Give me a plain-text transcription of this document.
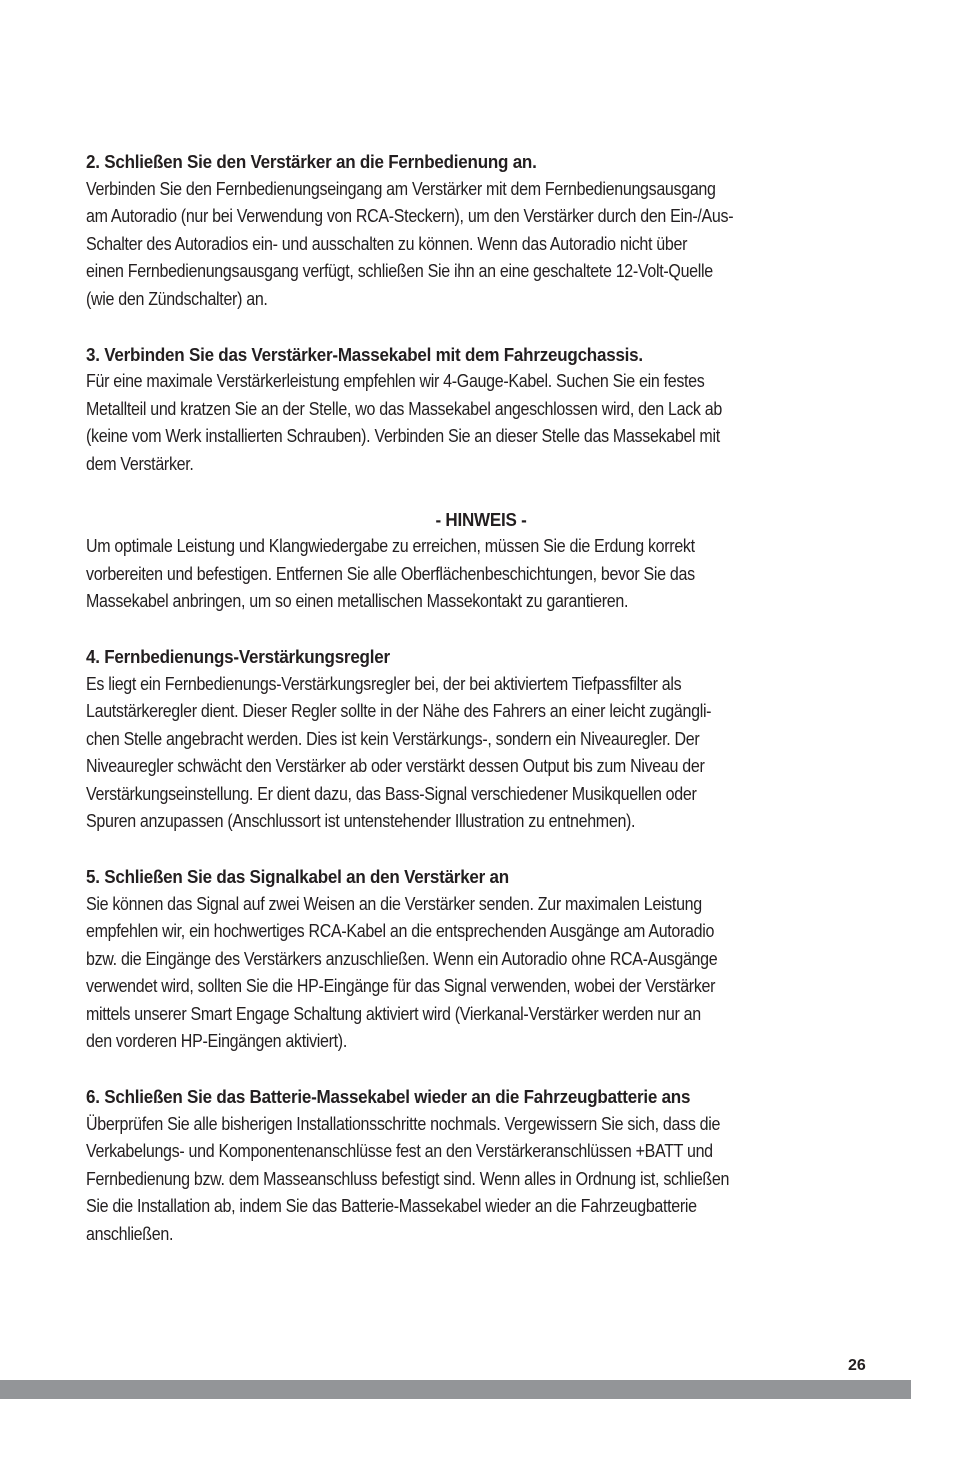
2. Schließen Sie den Verstärker an die Fernbedienung an.

Verbinden Sie den Fernbedienungseingang am Verstärker mit dem Fernbedienungsausgang

am Autoradio (nur bei Verwendung von RCA-Steckern), um den Verstärker durch den Ein-/Aus-

Schalter des Autoradios ein- und ausschalten zu können. Wenn das Autoradio nicht über

einen Fernbedienungsausgang verfügt, schließen Sie ihn an eine geschaltete 12-Volt-Quelle

(wie den Zündschalter) an.

3. Verbinden Sie das Verstärker-Massekabel mit dem Fahrzeugchassis.

Für eine maximale Verstärkerleistung empfehlen wir 4-Gauge-Kabel. Suchen Sie ein festes

Metallteil und kratzen Sie an der Stelle, wo das Massekabel angeschlossen wird, den Lack ab

(keine vom Werk installierten Schrauben). Verbinden Sie an dieser Stelle das Massekabel mit

dem Verstärker.

- HINWEIS -

Um optimale Leistung und Klangwiedergabe zu erreichen, müssen Sie die Erdung korrekt

vorbereiten und befestigen. Entfernen Sie alle Oberflächenbeschichtungen, bevor Sie das

Massekabel anbringen, um so einen metallischen Massekontakt zu garantieren.

4. Fernbedienungs-Verstärkungsregler

Es liegt ein Fernbedienungs-Verstärkungsregler bei, der bei aktiviertem Tiefpassfilter als

Lautstärkeregler dient. Dieser Regler sollte in der Nähe des Fahrers an einer leicht zugängli-

chen Stelle angebracht werden. Dies ist kein Verstärkungs-, sondern ein Niveauregler. Der

Niveauregler schwächt den Verstärker ab oder verstärkt dessen Output bis zum Niveau der

Verstärkungseinstellung. Er dient dazu, das Bass-Signal verschiedener Musikquellen oder

Spuren anzupassen (Anschlussort ist untenstehender Illustration zu entnehmen).

5. Schließen Sie das Signalkabel an den Verstärker an

Sie können das Signal auf zwei Weisen an die Verstärker senden. Zur maximalen Leistung

empfehlen wir, ein hochwertiges RCA-Kabel an die entsprechenden Ausgänge am Autoradio

bzw. die Eingänge des Verstärkers anzuschließen. Wenn ein Autoradio ohne RCA-Ausgänge

verwendet wird, sollten Sie die HP-Eingänge für das Signal verwenden, wobei der Verstärker

mittels unserer Smart Engage Schaltung aktiviert wird (Vierkanal-Verstärker werden nur an

den vorderen HP-Eingängen aktiviert).

6. Schließen Sie das Batterie-Massekabel wieder an die Fahrzeugbatterie ans

Überprüfen Sie alle bisherigen Installationsschritte nochmals. Vergewissern Sie sich, dass die

Verkabelungs- und Komponentenanschlüsse fest an den Verstärkeranschlüssen +BATT und

Fernbedienung bzw. dem Masseanschluss befestigt sind. Wenn alles in Ordnung ist, schließen

Sie die Installation ab, indem Sie das Batterie-Massekabel wieder an die Fahrzeugbatterie

anschließen.

26
